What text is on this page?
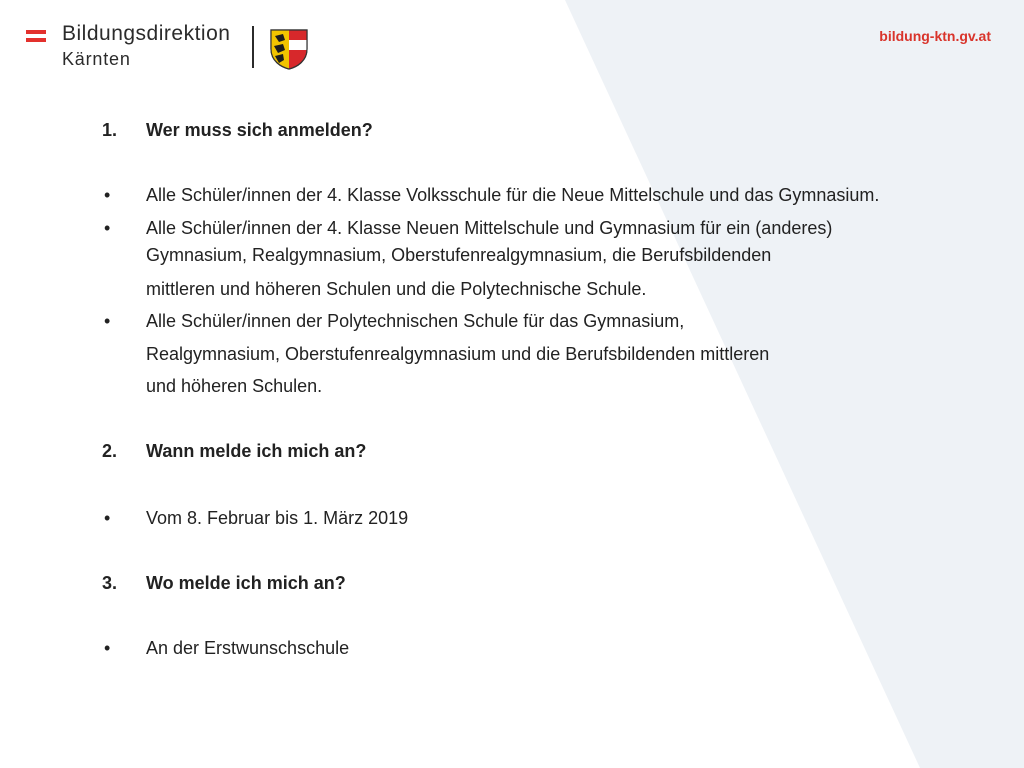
Bildungsdirektion
Kärnten
bildung-ktn.gv.at
1. Wer muss sich anmelden?
• Alle Schüler/innen der 4. Klasse Volksschule für die Neue Mittelschule und das Gymnasium.
• Alle Schüler/innen der 4. Klasse Neuen Mittelschule und Gymnasium für ein (anderes)
Gymnasium, Realgymnasium, Oberstufenrealgymnasium, die Berufsbildenden
mittleren und höheren Schulen und die Polytechnische Schule.
• Alle Schüler/innen der Polytechnischen Schule für das Gymnasium,
Realgymnasium, Oberstufenrealgymnasium und die Berufsbildenden mittleren
und höheren Schulen.
2. Wann melde ich mich an?
• Vom 8. Februar bis 1. März 2019
3. Wo melde ich mich an?
• An der Erstwunschschule
